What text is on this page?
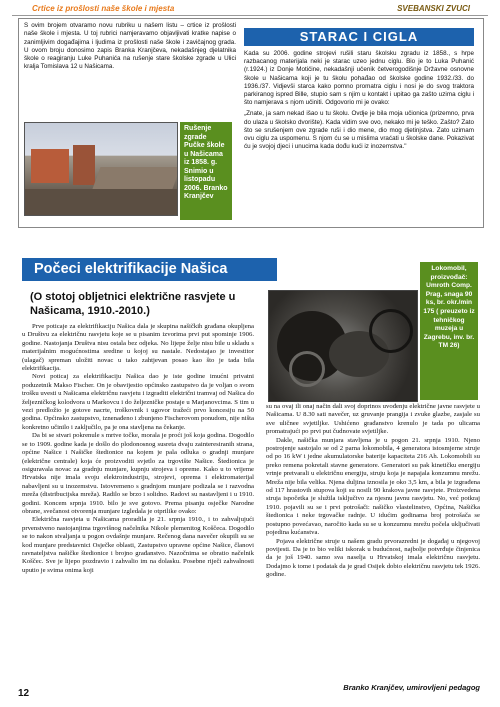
Crtice iz prošlosti naše škole i mjesta	SVEBANSKI ZVUCI
S ovim brojem otvaramo novu rubriku u našem listu – crtice iz prošlosti naše škole i mjesta. U toj rubrici namjeravamo objavljivati kratke napise o zanimljivim događajima i ljudima iz prošlosti naše škole i zavičajnog grada. U ovom broju donosimo zapis Branka Kranjčeva, nekadašnjeg djelatnika škole o reagiranju Luke Puhanića na rušenje stare školske zgrade u Ulici kralja Tomislava 12 u Našicama.
Rušenje zgrade Pučke škole u Našicama iz 1858. g. Snimio u listopadu 2006. Branko Kranjčev
STARAC I CIGLA

Kada su 2006. godine strojevi rušili staru školsku zgradu iz 1858., s hrpe razbacanog materijala neki je starac uzeo jednu ciglu. Bio je to Luka Puhanić (r.1924.) iz Donje Motičine, nekadašnji učenik četverogodišnje Državne osnovne škole u Našicama koji je tu školu pohađao od školske godine 1932./33. do 1936./37. Vidjevši starca kako pomno promatra ciglu i nosi je do svog traktora parkiranog ispred Bille, stupio sam s njim u kontakt i upitao ga zašto uzima ciglu i što namjerava s njom učiniti. Odgovorio mi je ovako:

„Znate, ja sam nekad išao u tu školu. Ovdje je bila moja učionica (prizemno, prva do ulaza u školsko dvorište). Kada vidim sve ovo, nekako mi je teško. Zašto? Zato što se srušenjem ove zgrade ruši i dio mene, dio mog djetinjstva. Zato uzimam ovu ciglu za uspomenu. S njom ću se u mislima vraćati u školske dane. Pokazivat ću je svojoj djeci i unucima kada dođu kući iz inozemstva."

Počeci elektrifikacije Našica
(O stotoj obljetnici električne rasvjete u Našicama, 1910.-2010.)

Prve poticaje za elektrifikaciju Našica dala je skupina našičkih građana okupljena u Društvu za električnu rasvjetu koje se u pisanim izvorima prvi put spominje 1906. godine. Nastojanja Društva nisu ostala bez odjeka. No lijepe želje nisu bile u skladu s materijalnim mogućnostima sredine u kojoj su nastale. Nedostajao je investitor (ulagač) spreman uložiti novac u tako zahtjevan posao kao što je tada bila elektrifikacija.

Novi poticaj za elektrifikaciju Našica dao je iste godine imućni privatni poduzetnik Makso Fischer. On je obavijestio općinsko zastupstvo da je voljan o svom trošku uvesti u Našicama električnu rasvjetu i izgraditi električni tramvaj od Našica do željezničkog kolodvora u Markovcu i do željezničke postaje u Marjanovcima. S tim u vezi predložio je gotove nacrte, troškovnik i ugovor tražeći prvo koncesiju na 50 godina. Općinsko zastupstvo, iznenađeno i zbunjeno Fischerovom ponudom, nije ništa konkretno učinilo i zaključilo, pa je ona stavljena na čekanje.

Da bi se stvari pokrenule s mrtve točke, morala je proći još koja godina. Dogodilo se to 1909. godine kada je došlo do plodonosnog susreta dvaju zainteresiranih strana, općine Našice i Našičke štedionice na kojem je pala odluka o gradnji munjare (električne centrale) koja će proizvoditi svjetlo za trgovište Našice. Štedionica je osiguravala novac za gradnju munjare, kupnju strojeva i opreme. Kako u to vrijeme Hrvatska nije imala svoju elektroindustriju, strojevi, oprema i elektromaterijal nabavljeni su u inozemstvu. Istovremeno s gradnjom munjare podizala se i razvodna mreža (distribucijska mreža). Radilo se brzo i solidno. Radovi su nastavljeni i u 1910. godini. Koncem srpnja 1910. bilo je sve gotovo. Prema pisanju osječke Narodne obrane, svečanost otvorenja munjare izgledala je otprilike ovako:

Električna rasvjeta u Našicama proradila je 21. srpnja 1910., i to zahvaljujući prvenstveno nastojanjima trgovišnog načelnika Nikole plemenitog Koščeca. Dogodilo se to nakon stvaljanja u pogon ovdašnje munjare. Rečenog dana navečer okupili su se kod munjare predstavnici Osječke oblasti, Zastupstvo upravne općine Našice, članovi ravnateljstva našičke štedionice i brojno građanstvo. Nazočnima se obratio načelnik Koščec. Sve je lijepo pozdravio i zahvalio im na dolasku. Posebne riječi zahvalnosti uputio je svima onima koji

Lokomobil, proizvođač: Umroth Comp. Prag, snaga 90 ks, br. okr./min 175 ( preuzeto iz tehničkog muzeja u Zagrebu, inv. br. TM 26)

su na ovaj ili onaj način dali svoj doprinos uvođenju električne javne rasvjete u Našicama. U 8.30 sati navečer, uz gruvanje prangija i zvuke glazbe, zasjale su sve uličnee svjetiljke. Ushićeno građanstvo krenulo je tada po ulicama promatrajući po prvi put čudnovate svjetiljke.

Dakle, našička munjara stavljena je u pogon 21. srpnja 1910. Njeno postrojenje sastojalo se od 2 parna lokomobila, 4 generatora istosmjerne struje od po 16 kW i jedne akumulatorske baterije kapaciteta 216 Ah. Lokomobili su preko remena pokretali stavne generatore. Generatori su pak kinetičku energiju vrtnje pretvarali u električnu energiju, struju koja je napajala konzumnu mrežu. Mreža nije bila velika. Njena duljina iznosila je oko 3,5 km, a bila je izgrađena od 117 hrastovih stupova koji su nosili 90 krakova javne rasvjete. Proizvedena struja ispočetka je služila isključivo za njesnu javnu rasvjetu. No, već potkraj 1910. pojavili su se i prvi potrošači: našičko vlastelinstvo, Općina, Našička štedionica i neke trgovačke radnje. U idućim godinama broj potrošača se postupno povećavao, naročito kada su se u konzumnu mrežu počela uključivati pojedina kućanstva.

Pojava električne struje u našem gradu prvorazredni je događaj u njegovoj povijesti. Da je to bio veliki iskorak u budućnost, najbolje potvrđuje činjenica da je još 1940. samo sva naselja u Hrvatskoj imala električnu rasvjetu. Dodajmo k tome i podatak da je grad Osijek dobio električnu rasvjetu tek 1926. godine.

Branko Kranjčev, umirovljeni pedagog
12
